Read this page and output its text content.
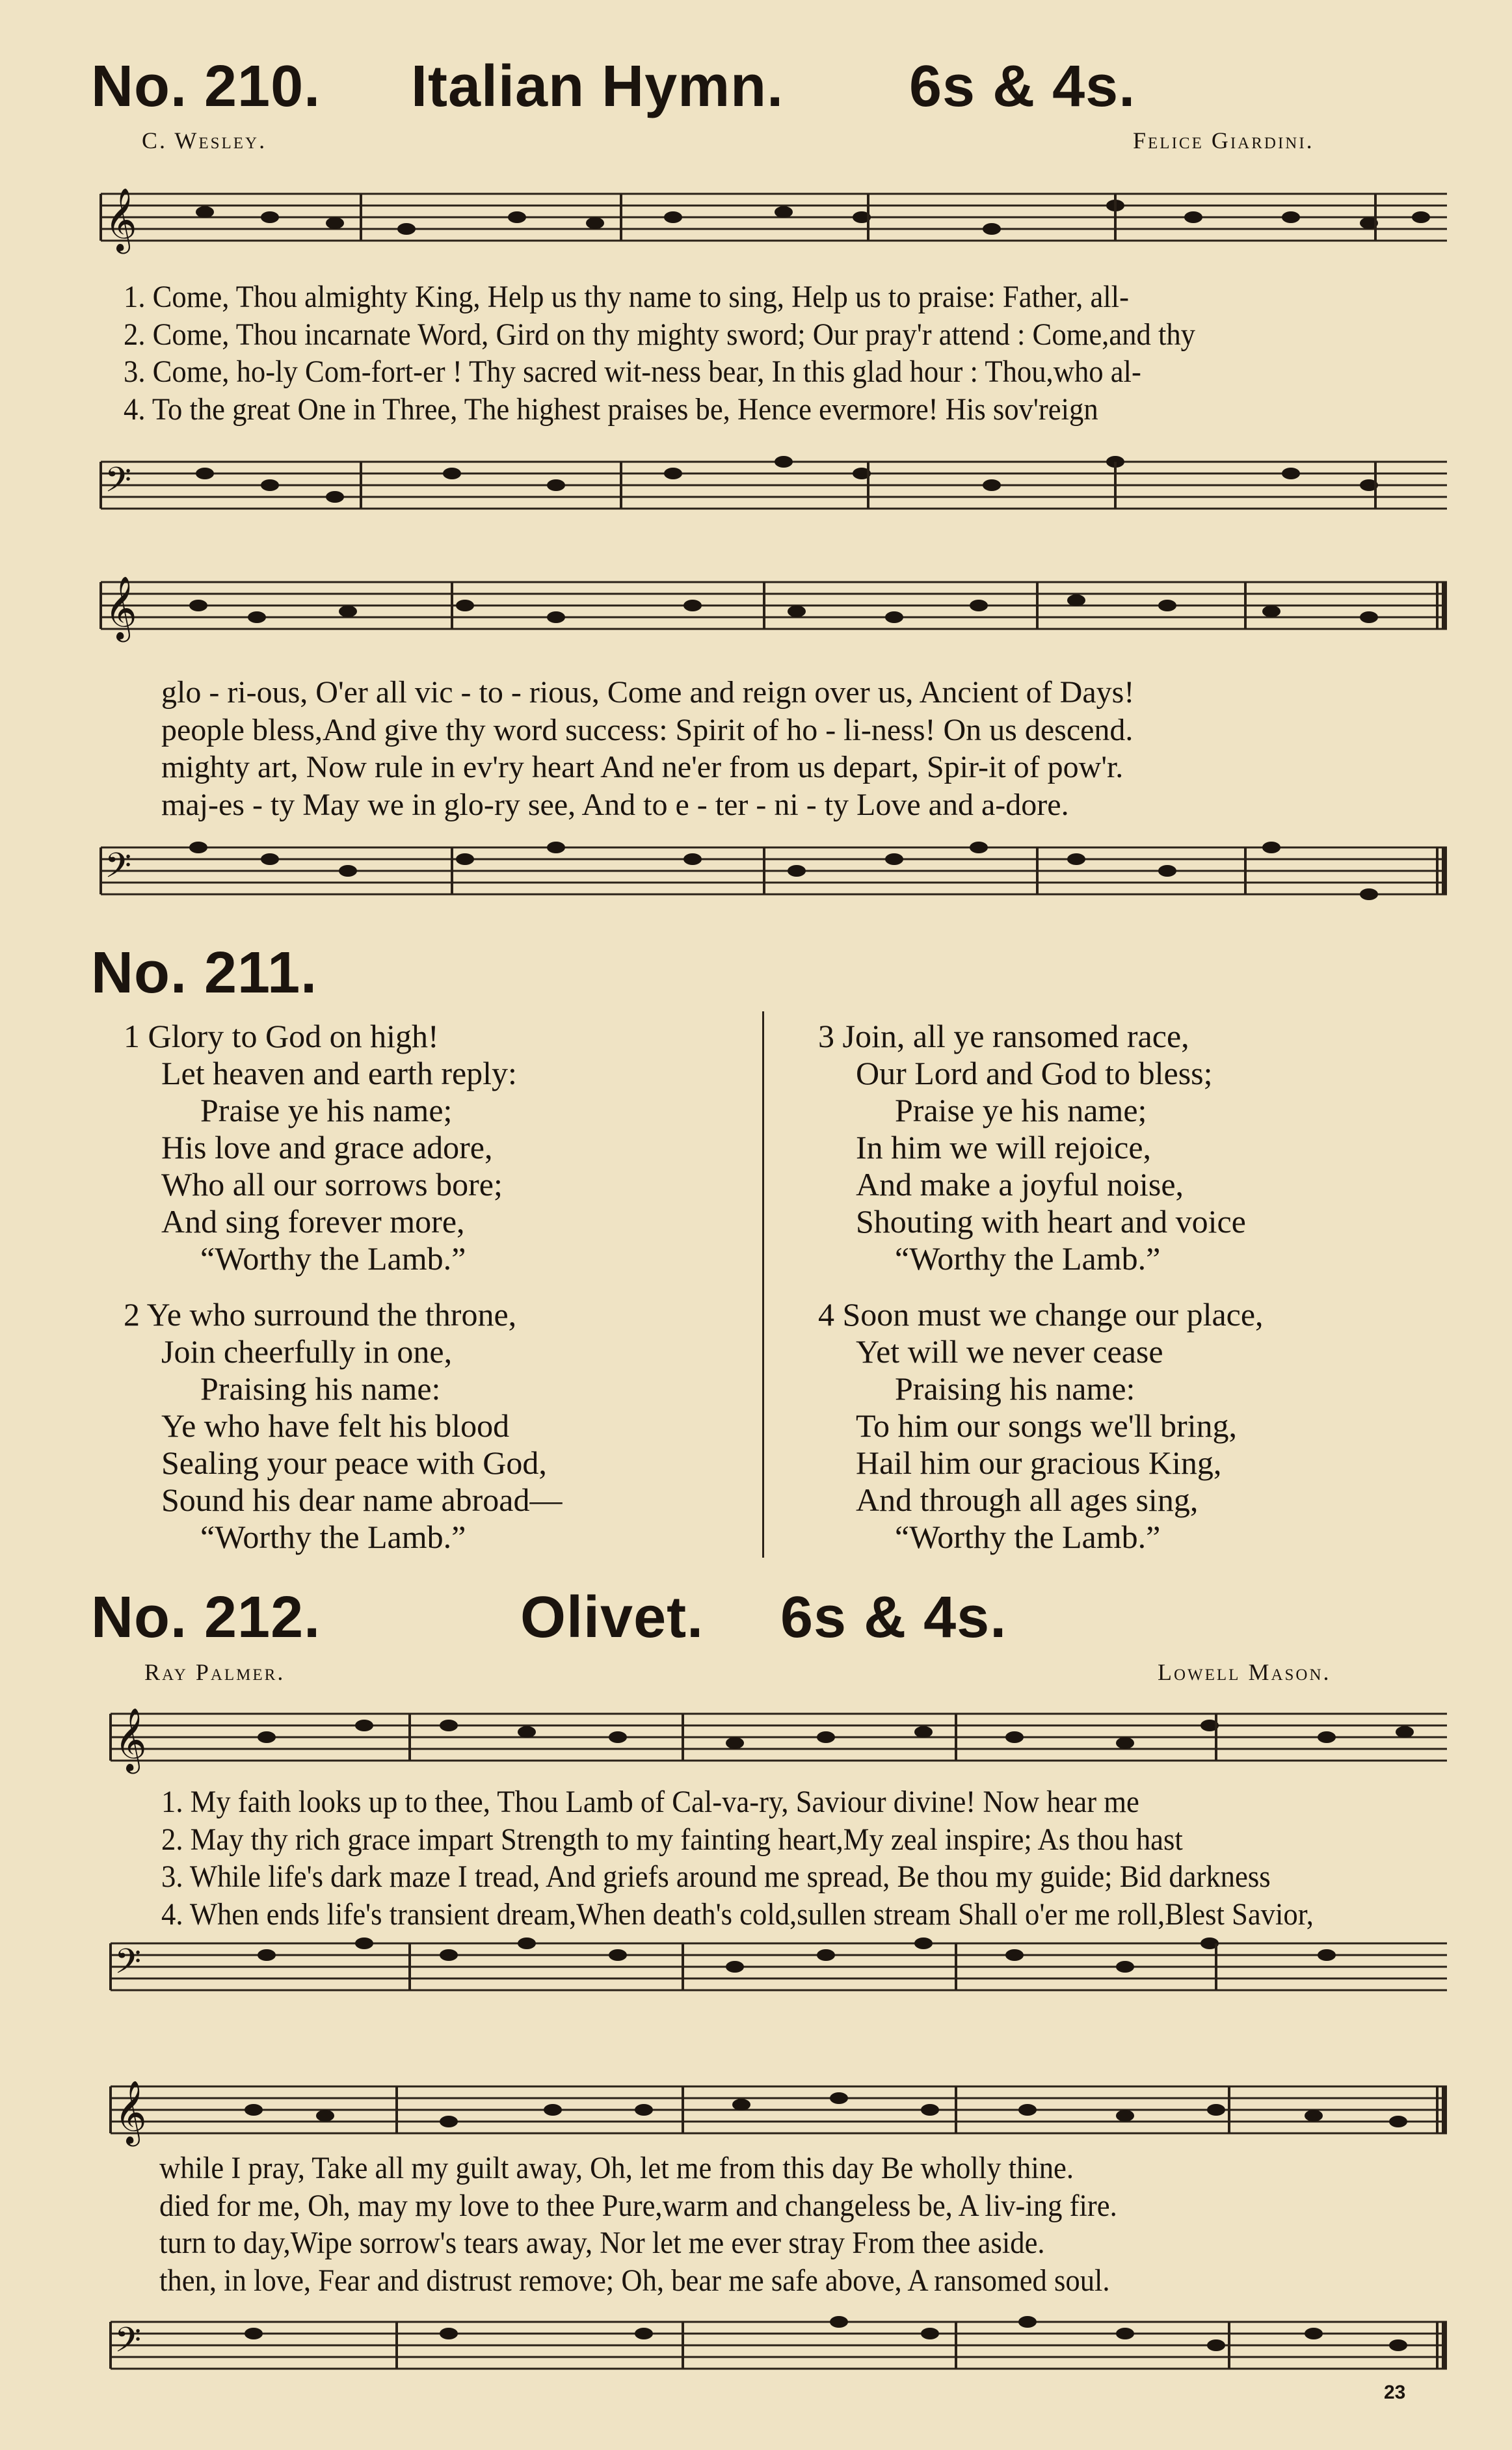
No. 210. Italian Hymn. 6s & 4s.
C. Wesley.	Felice Giardini.
𝄞
1. Come, Thou almighty King, Help us thy name to sing, Help us to praise: Father, all-
2. Come, Thou incarnate Word, Gird on thy mighty sword; Our pray'r attend : Come,and thy
3. Come, ho-ly Com-fort-er ! Thy sacred wit-ness bear, In this glad hour : Thou,who al-
4. To the great One in Three, The highest praises be, Hence evermore! His sov'reign
𝄢
𝄞
glo - ri-ous, O'er all vic - to - rious, Come and reign over us, Ancient of Days!
people bless,And give thy word success: Spirit of ho - li-ness! On us descend.
mighty art, Now rule in ev'ry heart And ne'er from us depart, Spir-it of pow'r.
maj-es - ty May we in glo-ry see, And to e - ter - ni - ty Love and a-dore.
𝄢
No. 211.
1 Glory to God on high!
Let heaven and earth reply:
Praise ye his name;
His love and grace adore,
Who all our sorrows bore;
And sing forever more,
“Worthy the Lamb.”
2 Ye who surround the throne,
Join cheerfully in one,
Praising his name:
Ye who have felt his blood
Sealing your peace with God,
Sound his dear name abroad—
“Worthy the Lamb.”
3 Join, all ye ransomed race,
Our Lord and God to bless;
Praise ye his name;
In him we will rejoice,
And make a joyful noise,
Shouting with heart and voice
“Worthy the Lamb.”
4 Soon must we change our place,
Yet will we never cease
Praising his name:
To him our songs we'll bring,
Hail him our gracious King,
And through all ages sing,
“Worthy the Lamb.”
No. 212.	Olivet. 6s & 4s.
Ray Palmer.	Lowell Mason.
𝄞
1. My faith looks up to thee, Thou Lamb of Cal-va-ry, Saviour divine! Now hear me
2. May thy rich grace impart Strength to my fainting heart,My zeal inspire; As thou hast
3. While life's dark maze I tread, And griefs around me spread, Be thou my guide; Bid darkness
4. When ends life's transient dream,When death's cold,sullen stream Shall o'er me roll,Blest Savior,
𝄢
𝄞
while I pray, Take all my guilt away, Oh, let me from this day Be wholly thine.
died for me, Oh, may my love to thee Pure,warm and changeless be, A liv-ing fire.
turn to day,Wipe sorrow's tears away, Nor let me ever stray From thee aside.
then, in love, Fear and distrust remove; Oh, bear me safe above, A ransomed soul.
𝄢
23
